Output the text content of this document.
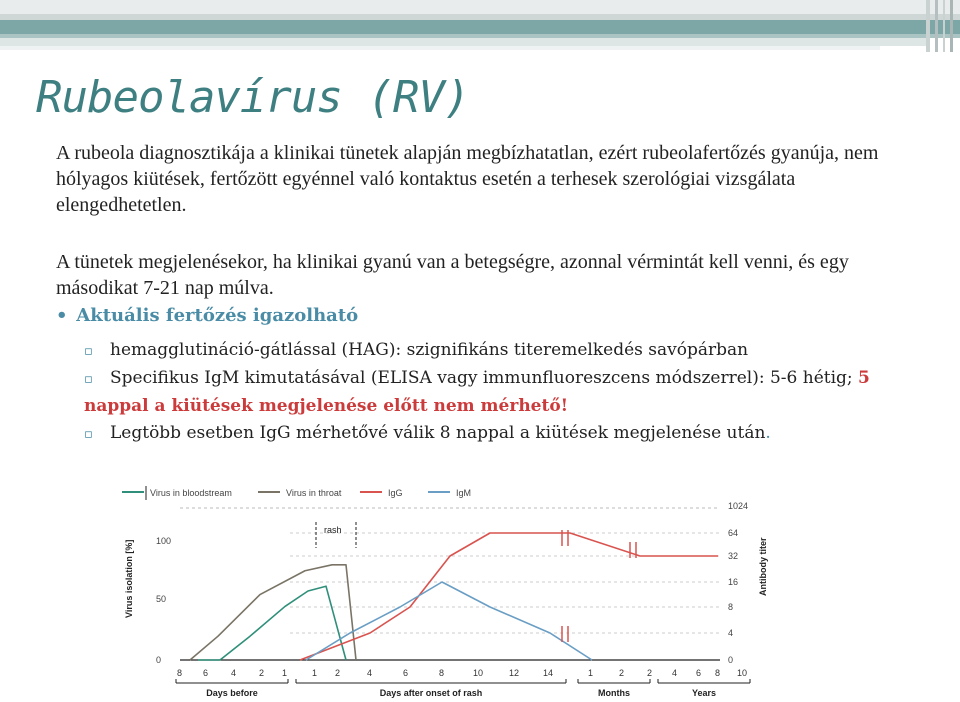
Rubeolavírus (RV)
A rubeola diagnosztikája a klinikai tünetek alapján megbízhatatlan, ezért rubeolafertőzés gyanúja, nem hólyagos kiütések, fertőzött egyénnel való kontaktus esetén a terhesek szerológiai vizsgálata elengedhetetlen.
A tünetek megjelenésekor, ha klinikai gyanú van a betegségre, azonnal vérmintát kell venni, és egy másodikat 7-21 nap múlva.
• Aktuális fertőzés igazolható
▫ hemagglutináció-gátlással (HAG): szignifikáns titeremelkedés savópárban
▫ Specifikus IgM kimutatásával (ELISA vagy immunfluoreszcens módszerrel): 5-6 hétig; 5 nappal a kiütések megjelenése előtt nem mérhető!
▫ Legtöbb esetben IgG mérhetővé válik 8 nappal a kiütések megjelenése után.
Virus in bloodstream	Virus in throat	IgG	IgM
1024
64
32
16
8
4
0
100
50
0
Virus isolation [%]	Antibody titer
8 6	4	2 1	1 2	4	6	8	10	12	14	1	2	2 4 6 8 10
rash
Days before	Days after onset of rash	Months	Years
